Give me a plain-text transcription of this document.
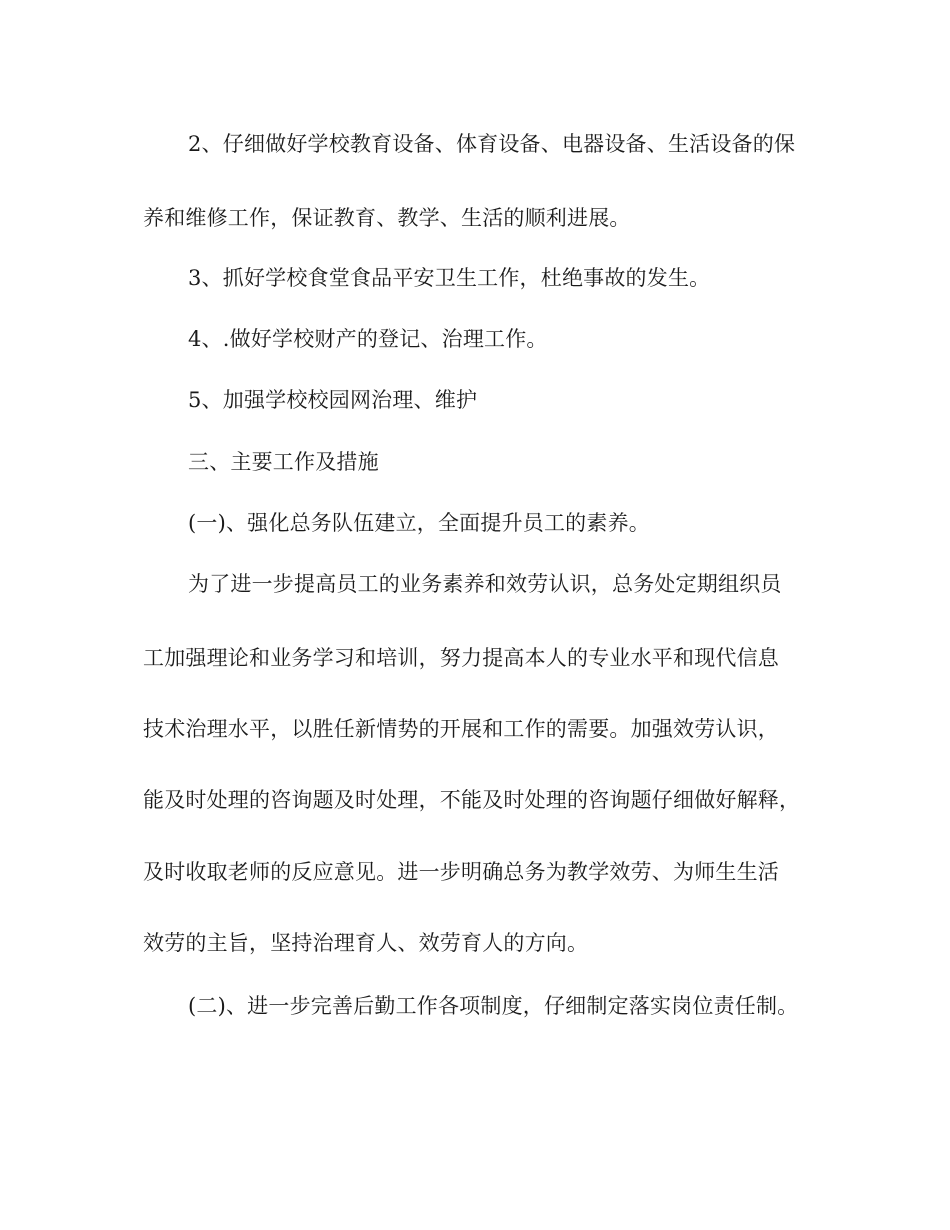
2、仔细做好学校教育设备、体育设备、电器设备、生活设备的保
养和维修工作，保证教育、教学、生活的顺利进展。
3、抓好学校食堂食品平安卫生工作，杜绝事故的发生。
4、.做好学校财产的登记、治理工作。
5、加强学校校园网治理、维护
三、主要工作及措施
(一)、强化总务队伍建立，全面提升员工的素养。
为了进一步提高员工的业务素养和效劳认识，总务处定期组织员
工加强理论和业务学习和培训，努力提高本人的专业水平和现代信息
技术治理水平，以胜任新情势的开展和工作的需要。加强效劳认识，
能及时处理的咨询题及时处理，不能及时处理的咨询题仔细做好解释，
及时收取老师的反应意见。进一步明确总务为教学效劳、为师生生活
效劳的主旨，坚持治理育人、效劳育人的方向。
(二)、进一步完善后勤工作各项制度，仔细制定落实岗位责任制。
